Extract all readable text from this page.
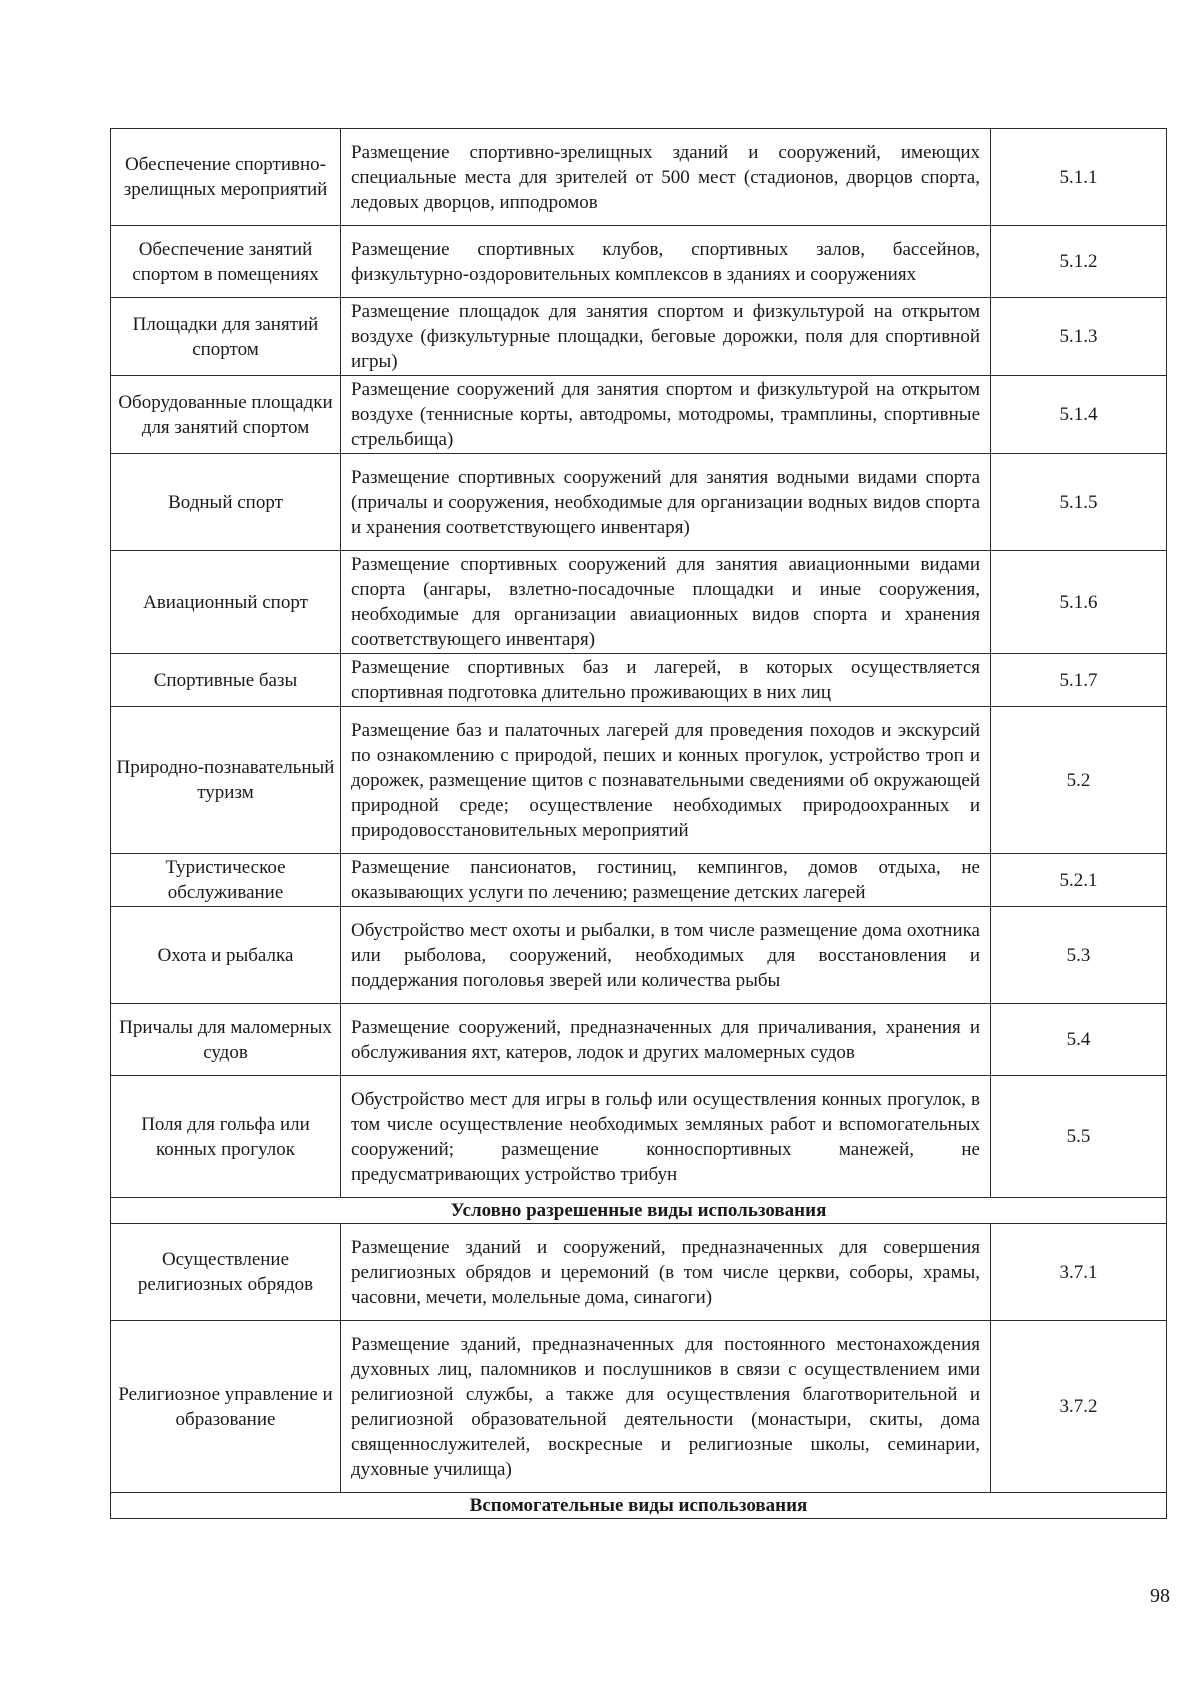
Обеспечение спортивно-зрелищных мероприятий	Размещение спортивно-зрелищных зданий и сооружений, имеющих специальные места для зрителей от 500 мест (стадионов, дворцов спорта, ледовых дворцов, ипподромов	5.1.1
Обеспечение занятий спортом в помещениях	Размещение спортивных клубов, спортивных залов, бассейнов, физкультурно-оздоровительных комплексов в зданиях и сооружениях	5.1.2
Площадки для занятий спортом	Размещение площадок для занятия спортом и физкультурой на открытом воздухе (физкультурные площадки, беговые дорожки, поля для спортивной игры)	5.1.3
Оборудованные площадки для занятий спортом	Размещение сооружений для занятия спортом и физкультурой на открытом воздухе (теннисные корты, автодромы, мотодромы, трамплины, спортивные стрельбища)	5.1.4
Водный спорт	Размещение спортивных сооружений для занятия водными видами спорта (причалы и сооружения, необходимые для организации водных видов спорта и хранения соответствующего инвентаря)	5.1.5
Авиационный спорт	Размещение спортивных сооружений для занятия авиационными видами спорта (ангары, взлетно-посадочные площадки и иные сооружения, необходимые для организации авиационных видов спорта и хранения соответствующего инвентаря)	5.1.6
Спортивные базы	Размещение спортивных баз и лагерей, в которых осуществляется спортивная подготовка длительно проживающих в них лиц	5.1.7
Природно-познавательный туризм	Размещение баз и палаточных лагерей для проведения походов и экскурсий по ознакомлению с природой, пеших и конных прогулок, устройство троп и дорожек, размещение щитов с познавательными сведениями об окружающей природной среде; осуществление необходимых природоохранных и природовосстановительных мероприятий	5.2
Туристическое обслуживание	Размещение пансионатов, гостиниц, кемпингов, домов отдыха, не оказывающих услуги по лечению; размещение детских лагерей	5.2.1
Охота и рыбалка	Обустройство мест охоты и рыбалки, в том числе размещение дома охотника или рыболова, сооружений, необходимых для восстановления и поддержания поголовья зверей или количества рыбы	5.3
Причалы для маломерных судов	Размещение сооружений, предназначенных для причаливания, хранения и обслуживания яхт, катеров, лодок и других маломерных судов	5.4
Поля для гольфа или конных прогулок	Обустройство мест для игры в гольф или осуществления конных прогулок, в том числе осуществление необходимых земляных работ и вспомогательных сооружений; размещение конноспортивных манежей, не предусматривающих устройство трибун	5.5
Условно разрешенные виды использования		
Осуществление религиозных обрядов	Размещение зданий и сооружений, предназначенных для совершения религиозных обрядов и церемоний (в том числе церкви, соборы, храмы, часовни, мечети, молельные дома, синагоги)	3.7.1
Религиозное управление и образование	Размещение зданий, предназначенных для постоянного местонахождения духовных лиц, паломников и послушников в связи с осуществлением ими религиозной службы, а также для осуществления благотворительной и религиозной образовательной деятельности (монастыри, скиты, дома священнослужителей, воскресные и религиозные школы, семинарии, духовные училища)	3.7.2
Вспомогательные виды использования		
98
